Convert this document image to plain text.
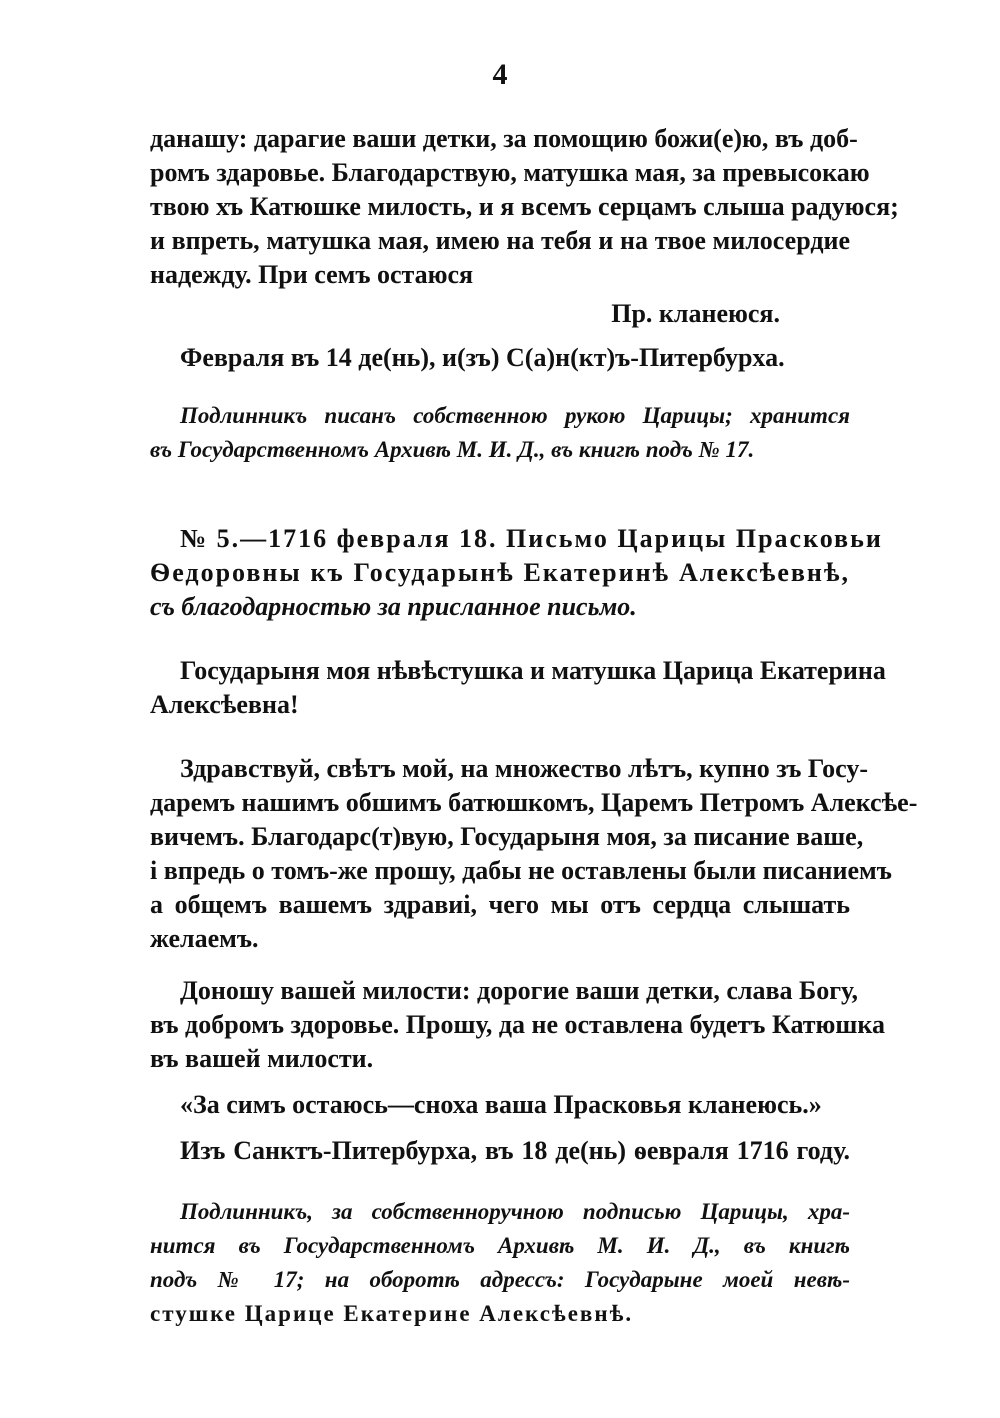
4
данашу: дарагие ваши детки, за помощию божи(е)ю, въ доб-
ромъ здаровье. Благодарствую, матушка мая, за превысокаю
твою хъ Катюшке милость, и я всемъ серцамъ слыша радуюся;
и впреть, матушка мая, имею на тебя и на твое милосердие
надежду. При семъ остаюся
Пр. кланеюся.
Февраля въ 14 де(нь), и(зъ) С(а)н(кт)ъ-Питербурха.
Подлинникъ писанъ собственною рукою Царицы; хранится
въ Государственномъ Архивѣ М. И. Д., въ книгѣ подъ № 17.
№ 5.—1716 февраля 18. Письмо Царицы Прасковьи
Ѳедоровны къ Государынѣ Екатеринѣ Алексѣевнѣ,
съ благодарностью за присланное письмо.
Государыня моя нѣвѣстушка и матушка Царица Екатерина
Алексѣевна!
Здравствуй, свѣтъ мой, на множество лѣтъ, купно зъ Госу-
даремъ нашимъ обшимъ батюшкомъ, Царемъ Петромъ Алексѣе-
вичемъ. Благодарс(т)вую, Государыня моя, за писание ваше,
і впредь о томъ-же прошу, дабы не оставлены были писаниемъ
а общемъ вашемъ здравиі, чего мы отъ сердца слышать
желаемъ.
Доношу вашей милости: дорогие ваши детки, слава Богу,
въ добромъ здоровье. Прошу, да не оставлена будетъ Катюшка
въ вашей милости.
«За симъ остаюсь—сноха ваша Прасковья кланеюсь.»
Изъ Санктъ-Питербурха, въ 18 де(нь) ѳевраля 1716 году.
Подлинникъ, за собственноручною подписью Царицы, хра-
нится въ Государственномъ Архивѣ М. И. Д., въ книгѣ
подъ № 17; на оборотѣ адрессъ: Государыне моей невѣ-
стушке Царице Екатерине Алексѣевнѣ.
